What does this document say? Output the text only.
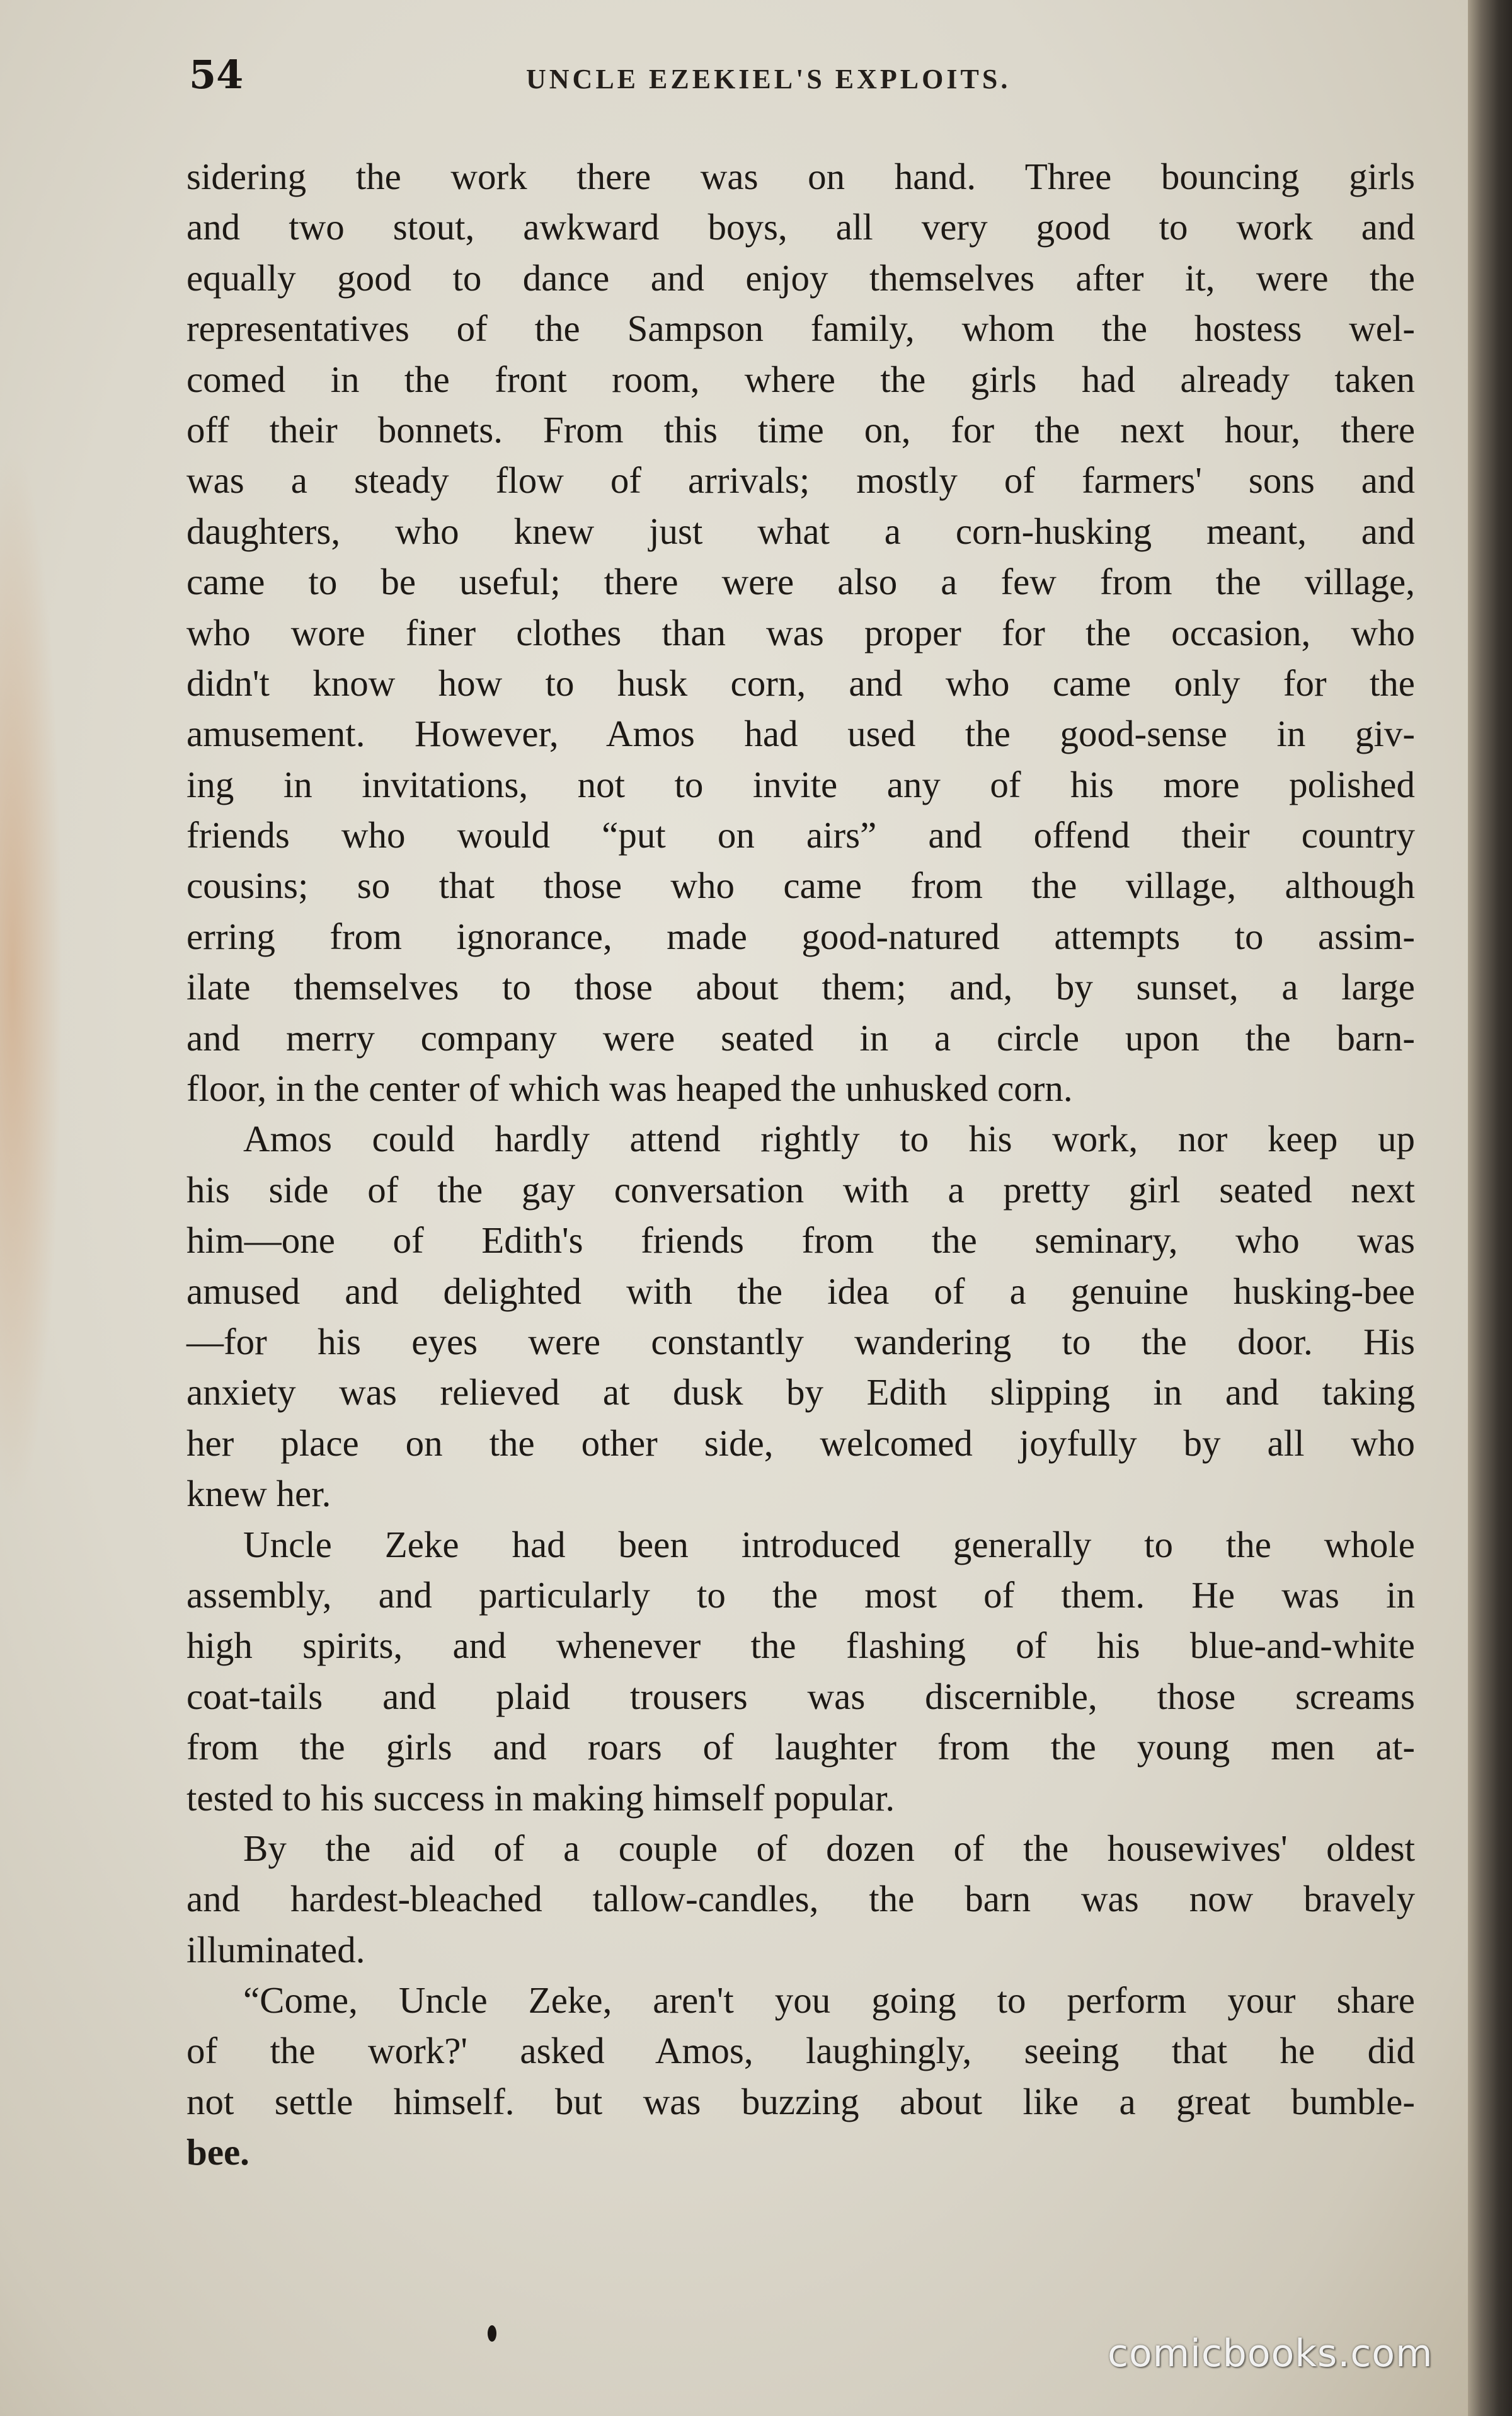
54	UNCLE EZEKIEL'S EXPLOITS.
sidering the work there was on hand. Three bouncing girls
and two stout, awkward boys, all very good to work and
equally good to dance and enjoy themselves after it, were the
representatives of the Sampson family, whom the hostess wel-
comed in the front room, where the girls had already taken
off their bonnets. From this time on, for the next hour, there
was a steady flow of arrivals; mostly of farmers' sons and
daughters, who knew just what a corn-husking meant, and
came to be useful; there were also a few from the village,
who wore finer clothes than was proper for the occasion, who
didn't know how to husk corn, and who came only for the
amusement. However, Amos had used the good-sense in giv-
ing in invitations, not to invite any of his more polished
friends who would “put on airs” and offend their country
cousins; so that those who came from the village, although
erring from ignorance, made good-natured attempts to assim-
ilate themselves to those about them; and, by sunset, a large
and merry company were seated in a circle upon the barn-
floor, in the center of which was heaped the unhusked corn.
Amos could hardly attend rightly to his work, nor keep up
his side of the gay conversation with a pretty girl seated next
him—one of Edith's friends from the seminary, who was
amused and delighted with the idea of a genuine husking-bee
—for his eyes were constantly wandering to the door. His
anxiety was relieved at dusk by Edith slipping in and taking
her place on the other side, welcomed joyfully by all who
knew her.
Uncle Zeke had been introduced generally to the whole
assembly, and particularly to the most of them. He was in
high spirits, and whenever the flashing of his blue-and-white
coat-tails and plaid trousers was discernible, those screams
from the girls and roars of laughter from the young men at-
tested to his success in making himself popular.
By the aid of a couple of dozen of the housewives' oldest
and hardest-bleached tallow-candles, the barn was now bravely
illuminated.
“Come, Uncle Zeke, aren't you going to perform your share
of the work?' asked Amos, laughingly, seeing that he did
not settle himself. but was buzzing about like a great bumble-
bee.
comicbooks.com
